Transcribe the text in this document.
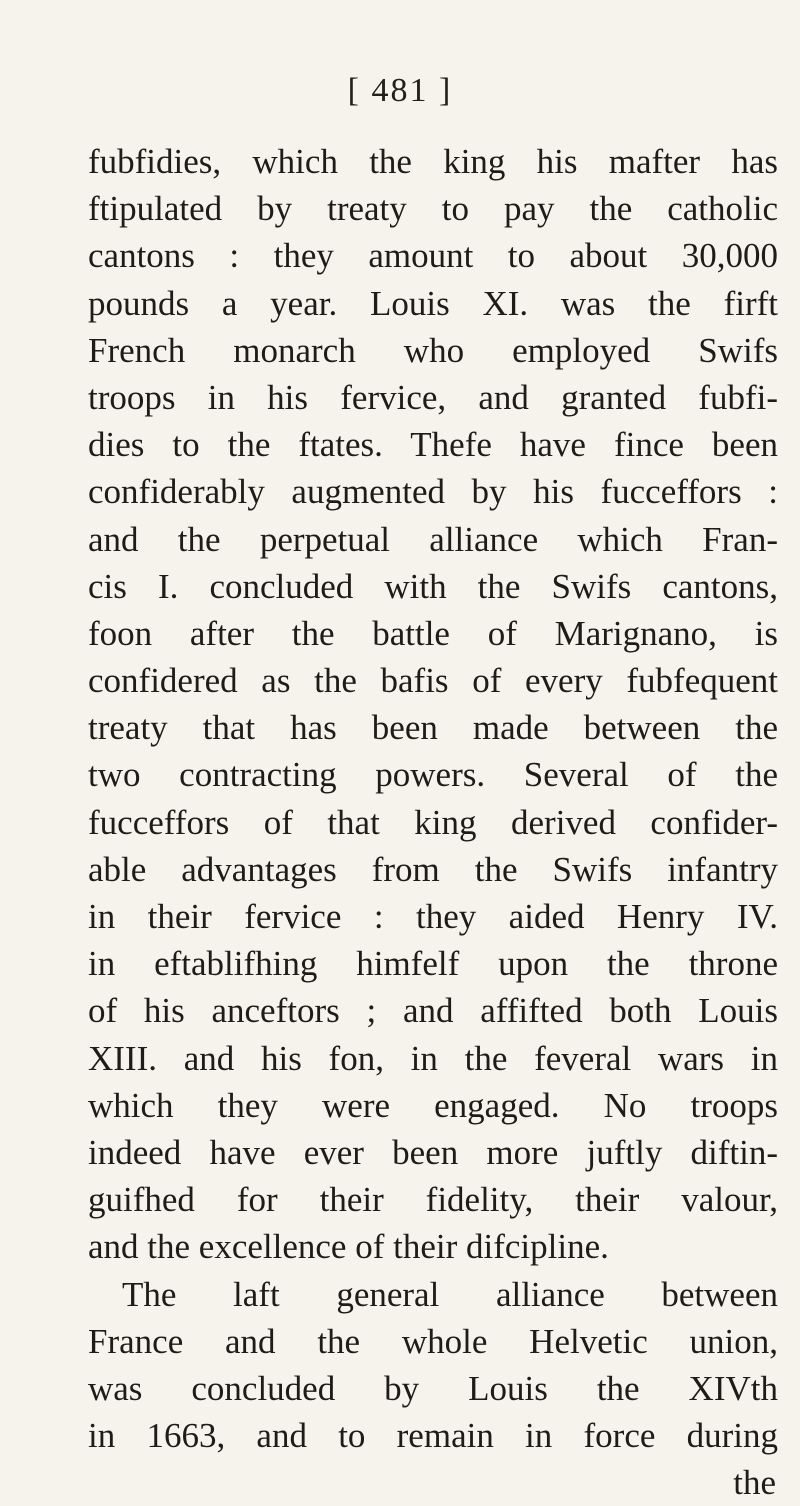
[ 481 ]
fubfidies, which the king his mafter has
ftipulated by treaty to pay the catholic
cantons : they amount to about 30,000
pounds a year. Louis XI. was the firft
French monarch who employed Swifs
troops in his fervice, and granted fubfi-
dies to the ftates. Thefe have fince been
confiderably augmented by his fucceffors :
and the perpetual alliance which Fran-
cis I. concluded with the Swifs cantons,
foon after the battle of Marignano, is
confidered as the bafis of every fubfequent
treaty that has been made between the
two contracting powers. Several of the
fucceffors of that king derived confider-
able advantages from the Swifs infantry
in their fervice : they aided Henry IV.
in eftablifhing himfelf upon the throne
of his anceftors ; and affifted both Louis
XIII. and his fon, in the feveral wars in
which they were engaged. No troops
indeed have ever been more juftly diftin-
guifhed for their fidelity, their valour,
and the excellence of their difcipline.
The laft general alliance between
France and the whole Helvetic union,
was concluded by Louis the XIVth
in 1663, and to remain in force during
the
